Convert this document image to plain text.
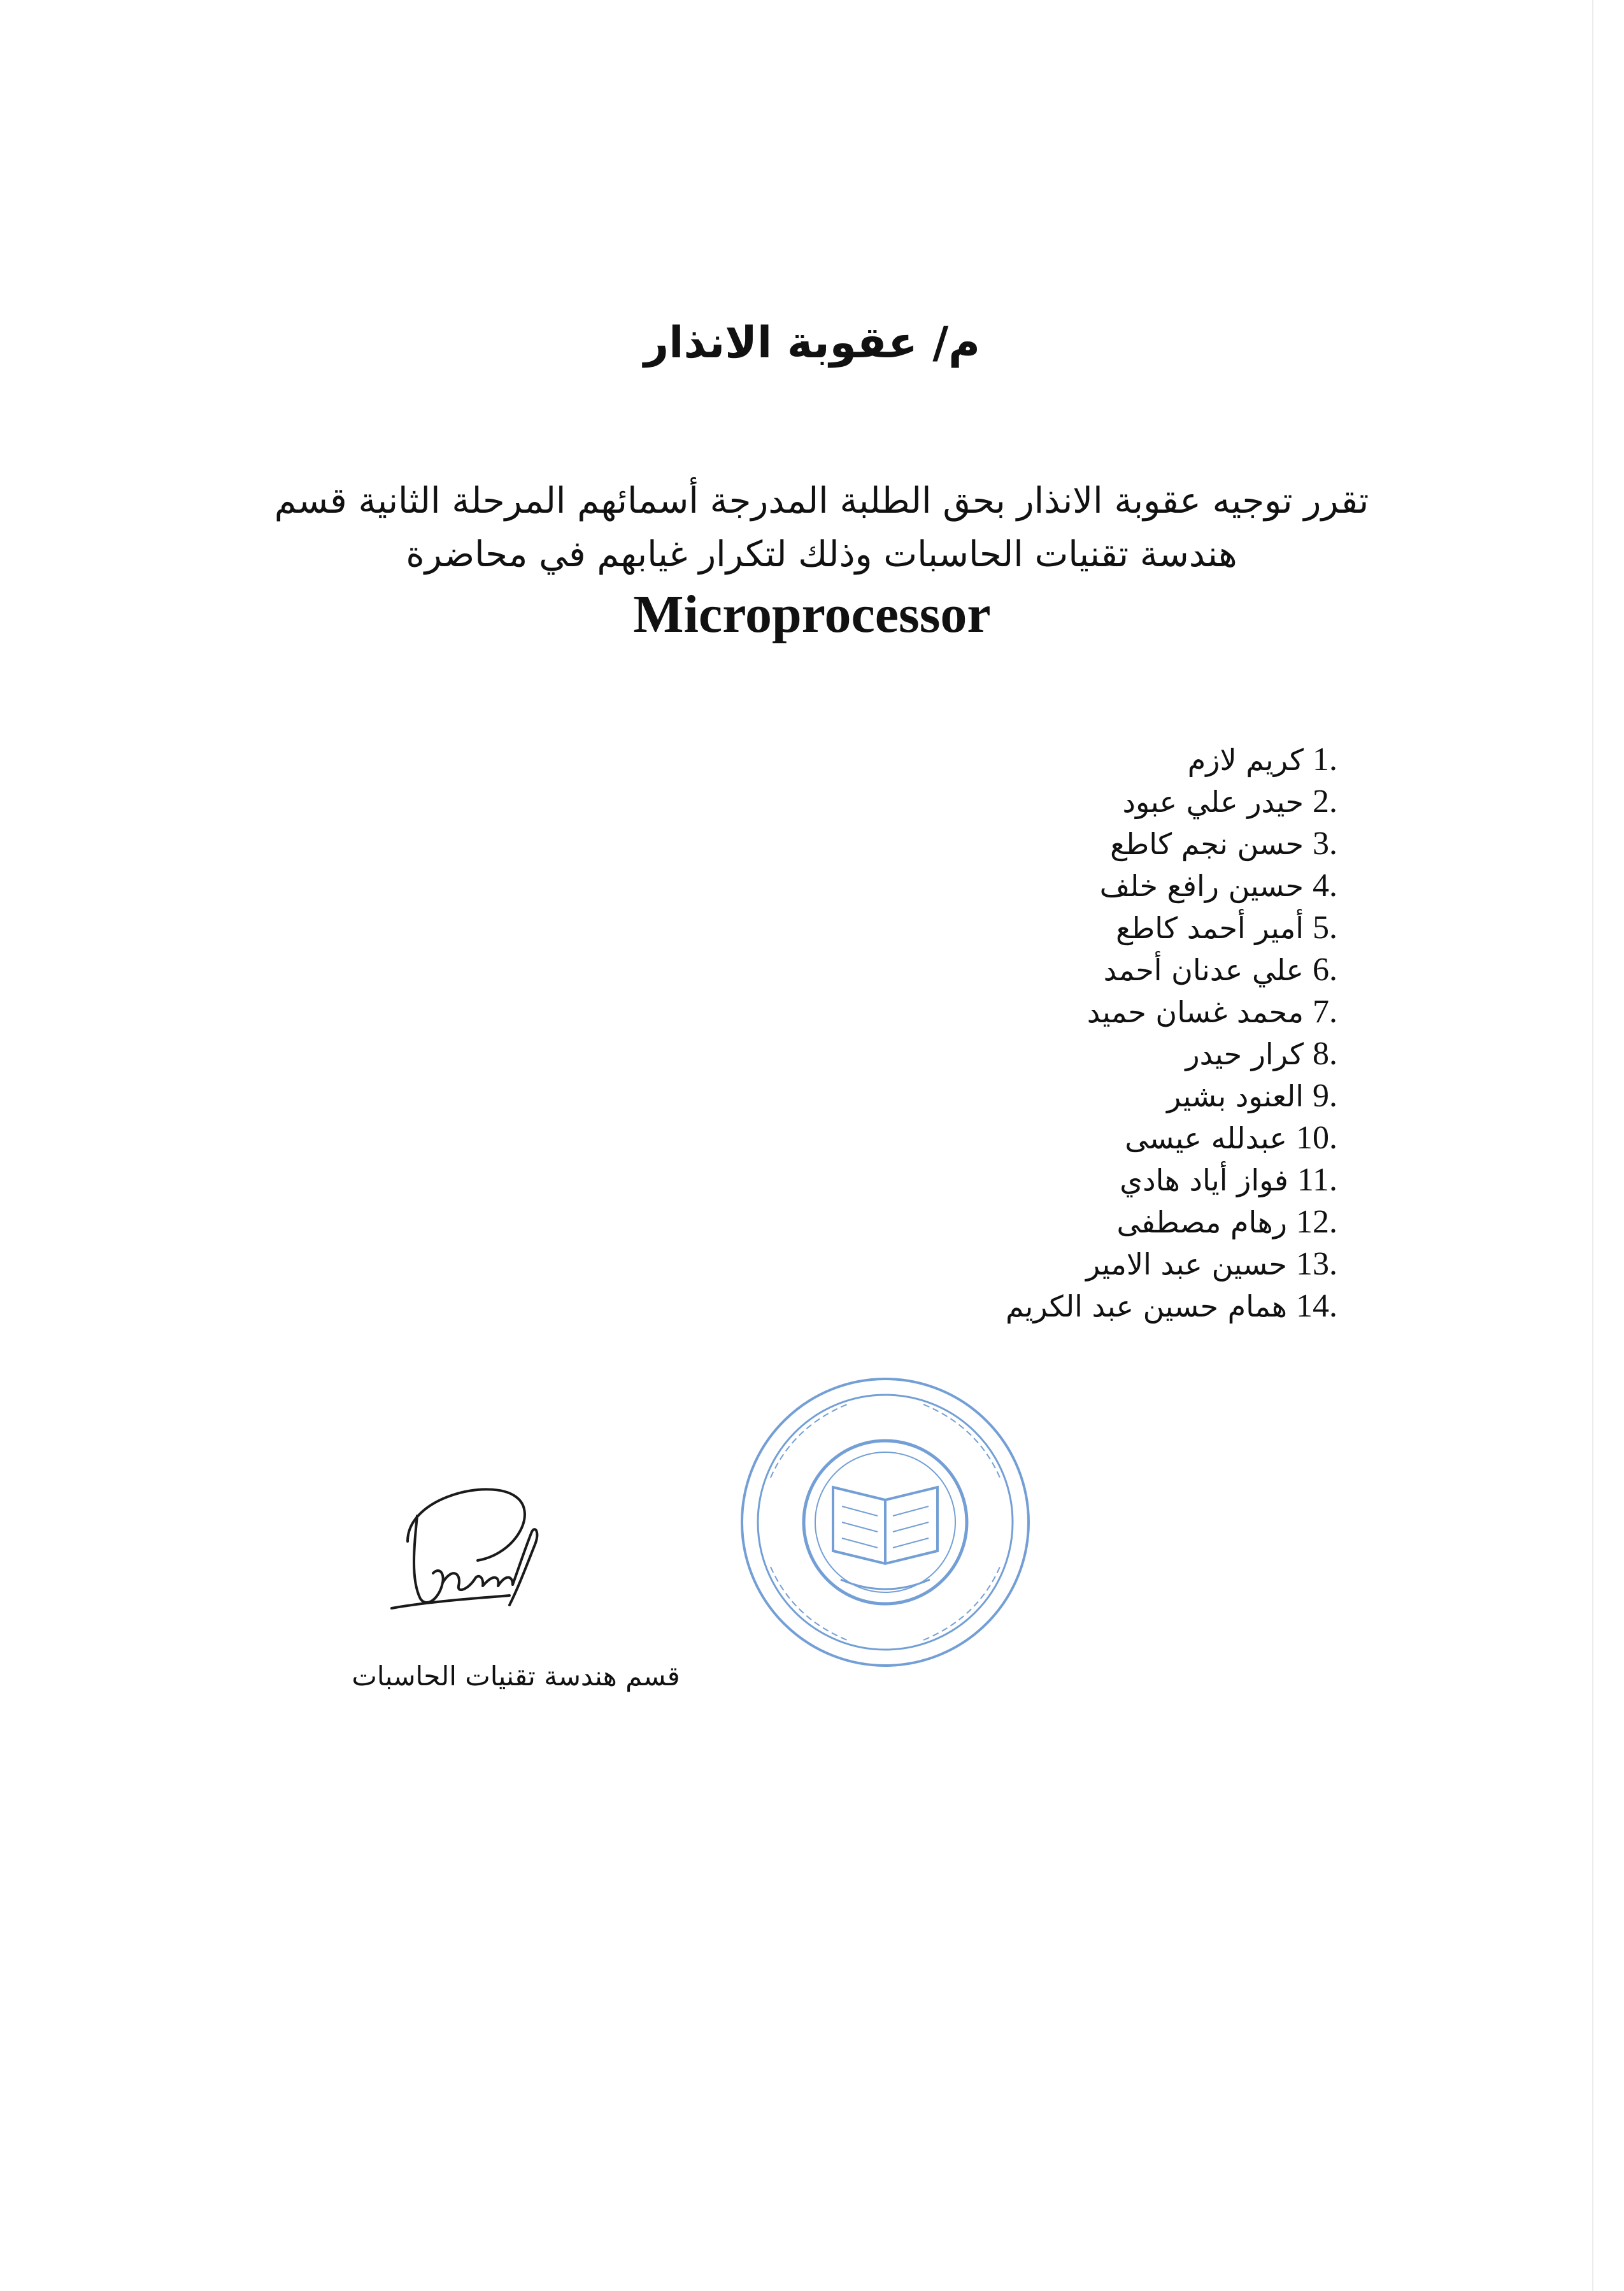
م/ عقوبة الانذار

تقرر توجيه عقوبة الانذار بحق الطلبة المدرجة أسمائهم المرحلة الثانية قسم

هندسة تقنيات الحاسبات وذلك لتكرار غيابهم في محاضرة

Microprocessor
1.كريم لازم
2.حيدر علي عبود
3.حسن نجم كاطع
4.حسين رافع خلف
5.أمير أحمد كاطع
6.علي عدنان أحمد
7.محمد غسان حميد
8.كرار حيدر
9.العنود بشير
10.عبدلله عيسى
11.فواز أياد هادي
12.رهام مصطفى
13.حسين عبد الامير
14.همام حسين عبد الكريم
قسم هندسة تقنيات الحاسبات
